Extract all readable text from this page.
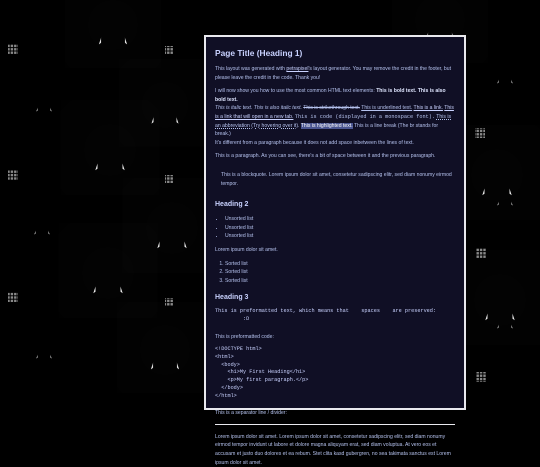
Page Title (Heading 1)

This layout was generated with petrapixel's layout generator. You may remove the credit in the footer, but please leave the credit in the code. Thank you!

I will now show you how to use the most common HTML text elements: This is bold text. This is also bold text.
This is italic text. This is also italic text. This is strikethrough text. This is underlined text. This is a link. This is a link that will open in a new tab. This is code (displayed in a monospace font). This is an abbreviation (Try hovering over it). This is highlighted text. This is a line break (The br stands for break.)
It's different from a paragraph because it does not add space inbetween the lines of text.

This is a paragraph. As you can see, there's a bit of space between it and the previous paragraph.

This is a blockquote. Lorem ipsum dolor sit amet, consetetur sadipscing elitr, sed diam nonumy eirmod tempor.
Heading 2
• Unsorted list
• Unsorted list
• Unsorted list

Lorem ipsum dolor sit amet.

1. Sorted list
2. Sorted list
3. Sorted list
Heading 3
This is preformatted text, which means that    spaces    are preserved:
:D

This is preformatted code:

<!DOCTYPE html>
<html>
<body>
<h1>My First Heading</h1>
<p>My first paragraph.</p>
</body>
</html>

This is a separator line / divider:

Lorem ipsum dolor sit amet. Lorem ipsum dolor sit amet, consetetur sadipscing elitr, sed diam nonumy eirmod tempor invidunt ut labore et dolore magna aliquyam erat, sed diam voluptua. At vero eos et accusam et justo duo dolores et ea rebum. Stet clita kasd gubergren, no sea takimata sanctus est Lorem ipsum dolor sit amet.
